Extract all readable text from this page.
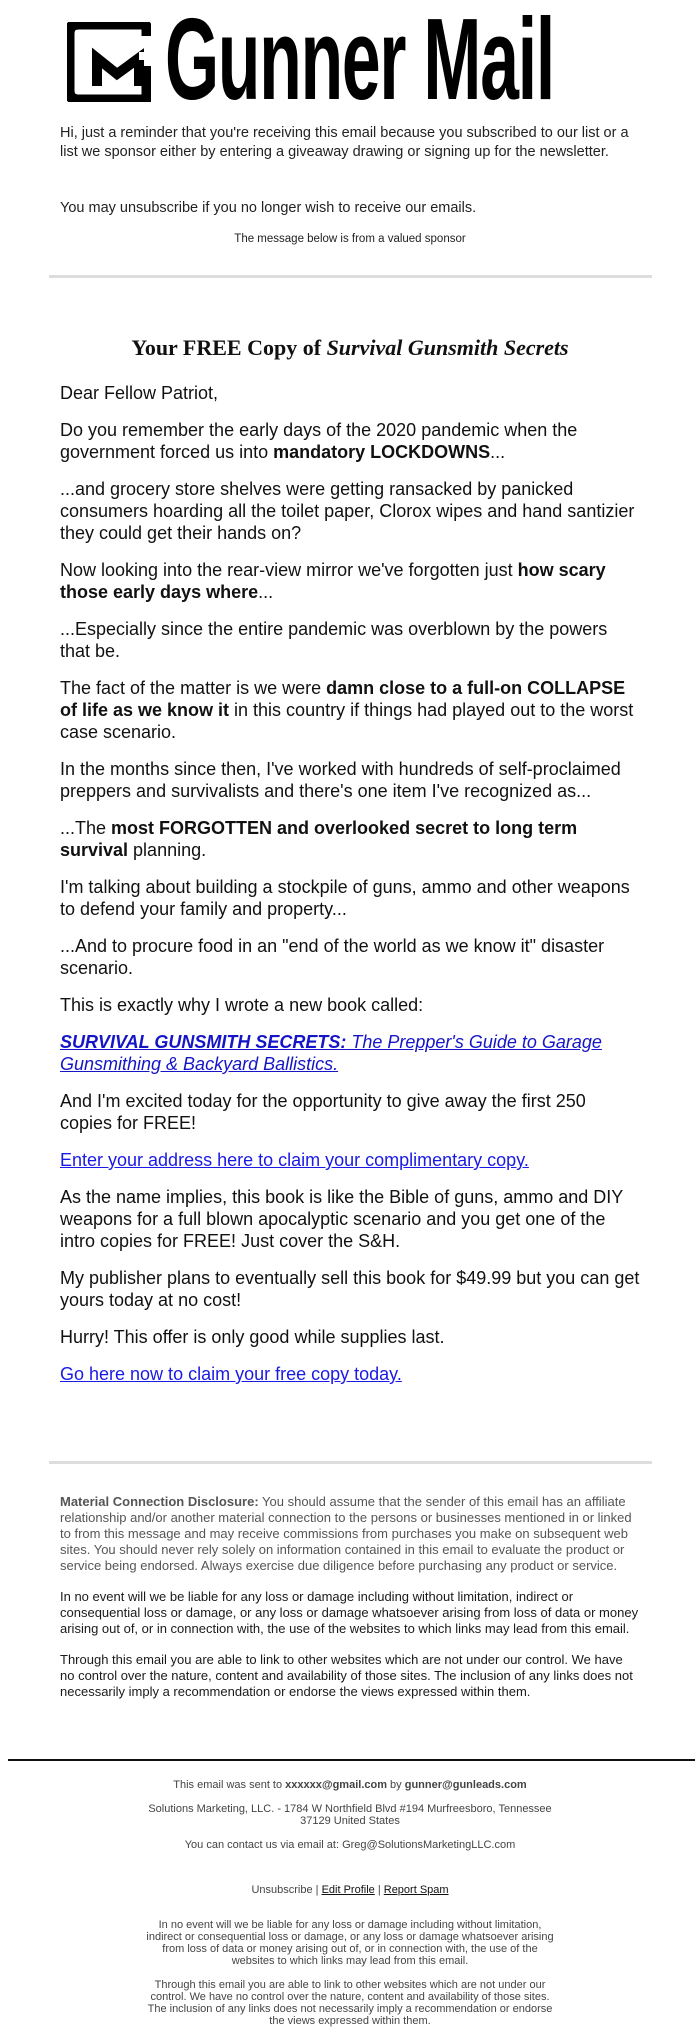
Gunner Mail

Hi, just a reminder that you're receiving this email because you subscribed to our list or a list we sponsor either by entering a giveaway drawing or signing up for the newsletter.

You may unsubscribe if you no longer wish to receive our emails.
The message below is from a valued sponsor
Your FREE Copy of Survival Gunsmith Secrets

Dear Fellow Patriot,

Do you remember the early days of the 2020 pandemic when the government forced us into mandatory LOCKDOWNS...

...and grocery store shelves were getting ransacked by panicked consumers hoarding all the toilet paper, Clorox wipes and hand santizier they could get their hands on?

Now looking into the rear-view mirror we've forgotten just how scary those early days where...

...Especially since the entire pandemic was overblown by the powers that be.

The fact of the matter is we were damn close to a full-on COLLAPSE of life as we know it in this country if things had played out to the worst case scenario.

In the months since then, I've worked with hundreds of self-proclaimed preppers and survivalists and there's one item I've recognized as...

...The most FORGOTTEN and overlooked secret to long term survival planning.

I'm talking about building a stockpile of guns, ammo and other weapons to defend your family and property...

...And to procure food in an "end of the world as we know it" disaster scenario.

This is exactly why I wrote a new book called:

SURVIVAL GUNSMITH SECRETS: The Prepper's Guide to Garage Gunsmithing & Backyard Ballistics.

And I'm excited today for the opportunity to give away the first 250 copies for FREE!

Enter your address here to claim your complimentary copy.

As the name implies, this book is like the Bible of guns, ammo and DIY weapons for a full blown apocalyptic scenario and you get one of the intro copies for FREE! Just cover the S&H.

My publisher plans to eventually sell this book for $49.99 but you can get yours today at no cost!

Hurry! This offer is only good while supplies last.

Go here now to claim your free copy today.

Material Connection Disclosure: You should assume that the sender of this email has an affiliate relationship and/or another material connection to the persons or businesses mentioned in or linked to from this message and may receive commissions from purchases you make on subsequent web sites. You should never rely solely on information contained in this email to evaluate the product or service being endorsed. Always exercise due diligence before purchasing any product or service.

In no event will we be liable for any loss or damage including without limitation, indirect or consequential loss or damage, or any loss or damage whatsoever arising from loss of data or money arising out of, or in connection with, the use of the websites to which links may lead from this email.

Through this email you are able to link to other websites which are not under our control. We have no control over the nature, content and availability of those sites. The inclusion of any links does not necessarily imply a recommendation or endorse the views expressed within them.

This email was sent to xxxxxx@gmail.com by gunner@gunleads.com

Solutions Marketing, LLC. - 1784 W Northfield Blvd #194 Murfreesboro, Tennessee 37129 United States

You can contact us via email at: Greg@SolutionsMarketingLLC.com

Unsubscribe | Edit Profile | Report Spam

In no event will we be liable for any loss or damage including without limitation, indirect or consequential loss or damage, or any loss or damage whatsoever arising from loss of data or money arising out of, or in connection with, the use of the websites to which links may lead from this email.

Through this email you are able to link to other websites which are not under our control. We have no control over the nature, content and availability of those sites. The inclusion of any links does not necessarily imply a recommendation or endorse the views expressed within them.
